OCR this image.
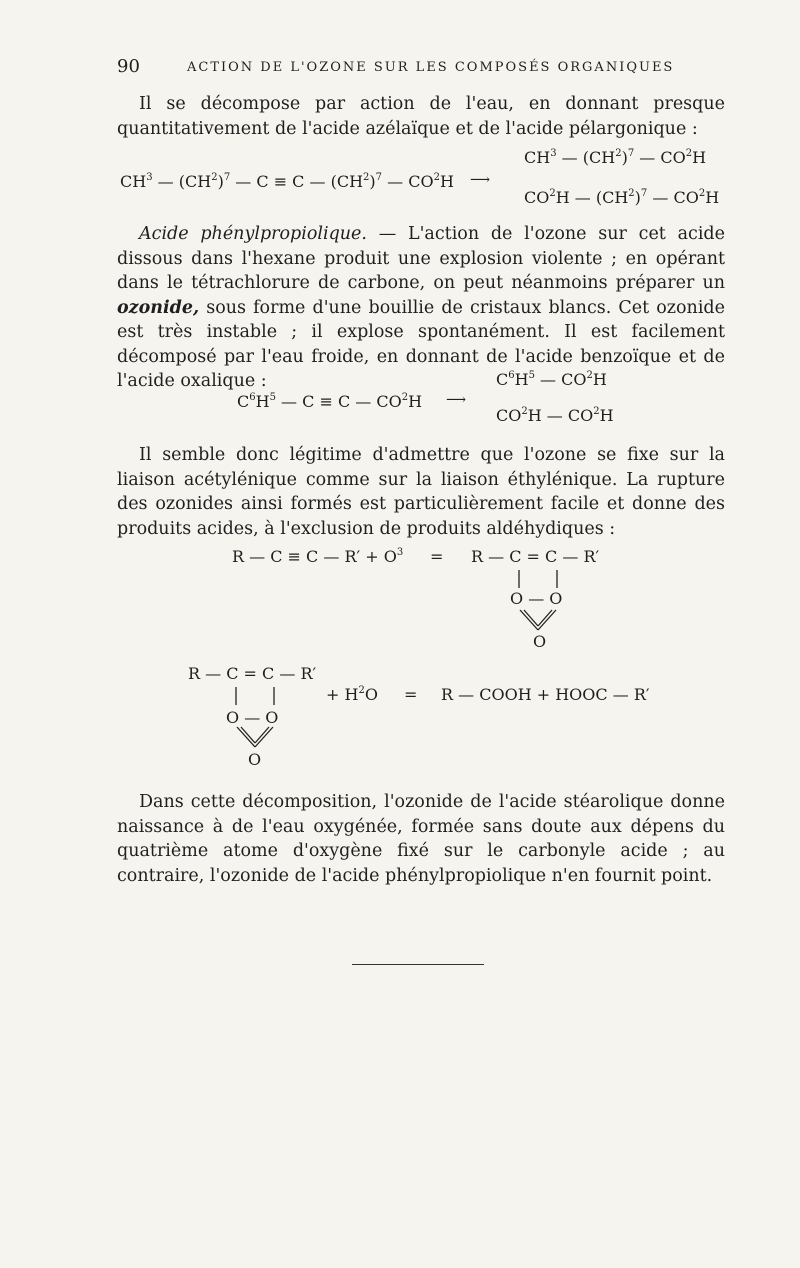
90	ACTION DE L'OZONE SUR LES COMPOSÉS ORGANIQUES

Il se décompose par action de l'eau, en donnant presque quantitativement de l'acide azélaïque et de l'acide pélargonique :

$CH^3$ — $(CH^2)^7$ — C ≡ C — $(CH^2)^7$ — $CO^2H$ ⟶
$CH^3$ — $(CH^2)^7$ — $CO^2H$
$CO^2H$ — $(CH^2)^7$ — $CO^2H$

Acide phénylpropiolique. — L'action de l'ozone sur cet acide dissous dans l'hexane produit une explosion violente ; en opérant dans le tétrachlorure de carbone, on peut néanmoins préparer un ozonide, sous forme d'une bouillie de cristaux blancs. Cet ozonide est très instable ; il explose spontanément. Il est facilement décomposé par l'eau froide, en donnant de l'acide benzoïque et de l'acide oxalique :

$C^6H^5$ — C ≡ C — $CO^2H$ ⟶
$C^6H^5$ — $CO^2H$
$CO^2H$ — $CO^2H$

Il semble donc légitime d'admettre que l'ozone se fixe sur la liaison acétylénique comme sur la liaison éthylénique. La rupture des ozonides ainsi formés est particulièrement facile et donne des produits acides, à l'exclusion de produits aldéhydiques :

R — C ≡ C — $R' + O^3 = R$ — C = C — R′
O — O
O
R — C = C — R′
O — O
O
+ $H^2O = R$ — COOH + HOOC — R′

Dans cette décomposition, l'ozonide de l'acide stéarolique donne naissance à de l'eau oxygénée, formée sans doute aux dépens du quatrième atome d'oxygène fixé sur le carbonyle acide ; au contraire, l'ozonide de l'acide phénylpropiolique n'en fournit point.
